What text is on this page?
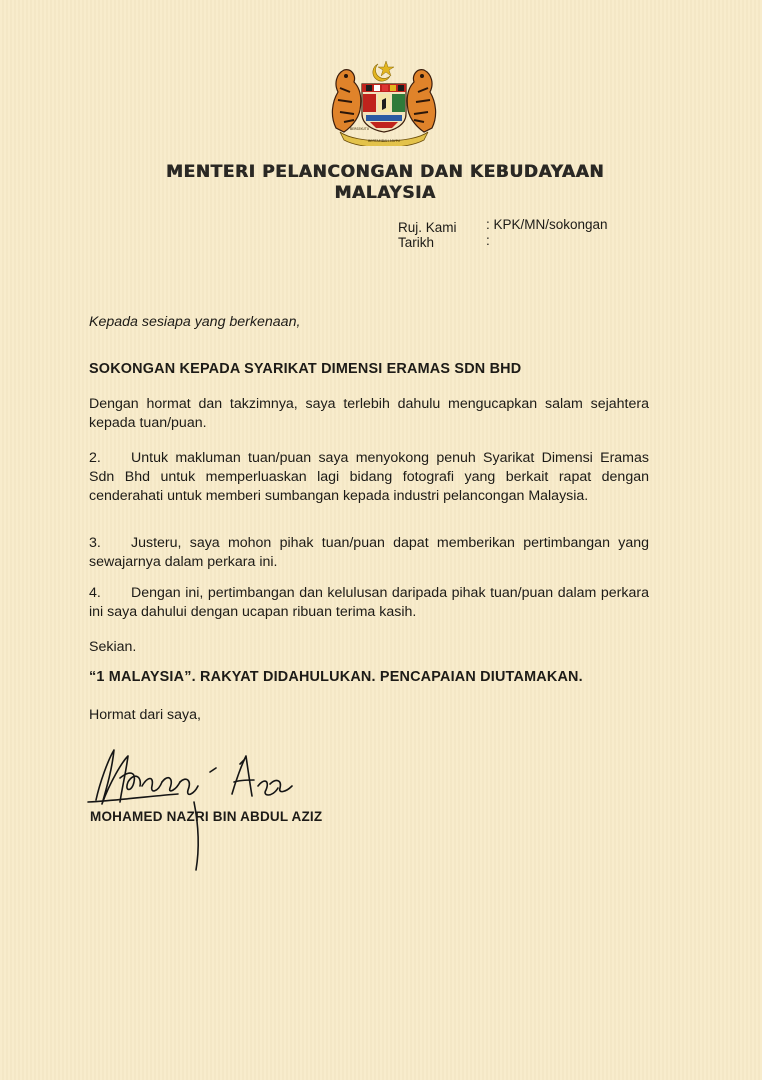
BERTAMBAH MUTU
BERSEKUTU
MENTERI PELANCONGAN DAN KEBUDAYAAN
MALAYSIA
Ruj. Kami : KPK/MN/sokongan
Tarikh	:
Kepada sesiapa yang berkenaan,
SOKONGAN KEPADA SYARIKAT DIMENSI ERAMAS SDN BHD
Dengan hormat dan takzimnya, saya terlebih dahulu mengucapkan salam sejahtera kepada tuan/puan.
2. Untuk makluman tuan/puan saya menyokong penuh Syarikat Dimensi Eramas Sdn Bhd untuk memperluaskan lagi bidang fotografi yang berkait rapat dengan cenderahati untuk memberi sumbangan kepada industri pelancongan Malaysia.
3. Justeru, saya mohon pihak tuan/puan dapat memberikan pertimbangan yang sewajarnya dalam perkara ini.
4. Dengan ini, pertimbangan dan kelulusan daripada pihak tuan/puan dalam perkara ini saya dahului dengan ucapan ribuan terima kasih.
Sekian.
“1 MALAYSIA”. RAKYAT DIDAHULUKAN. PENCAPAIAN DIUTAMAKAN.
Hormat dari saya,
Nazri Aziz
MOHAMED NAZRI BIN ABDUL AZIZ
